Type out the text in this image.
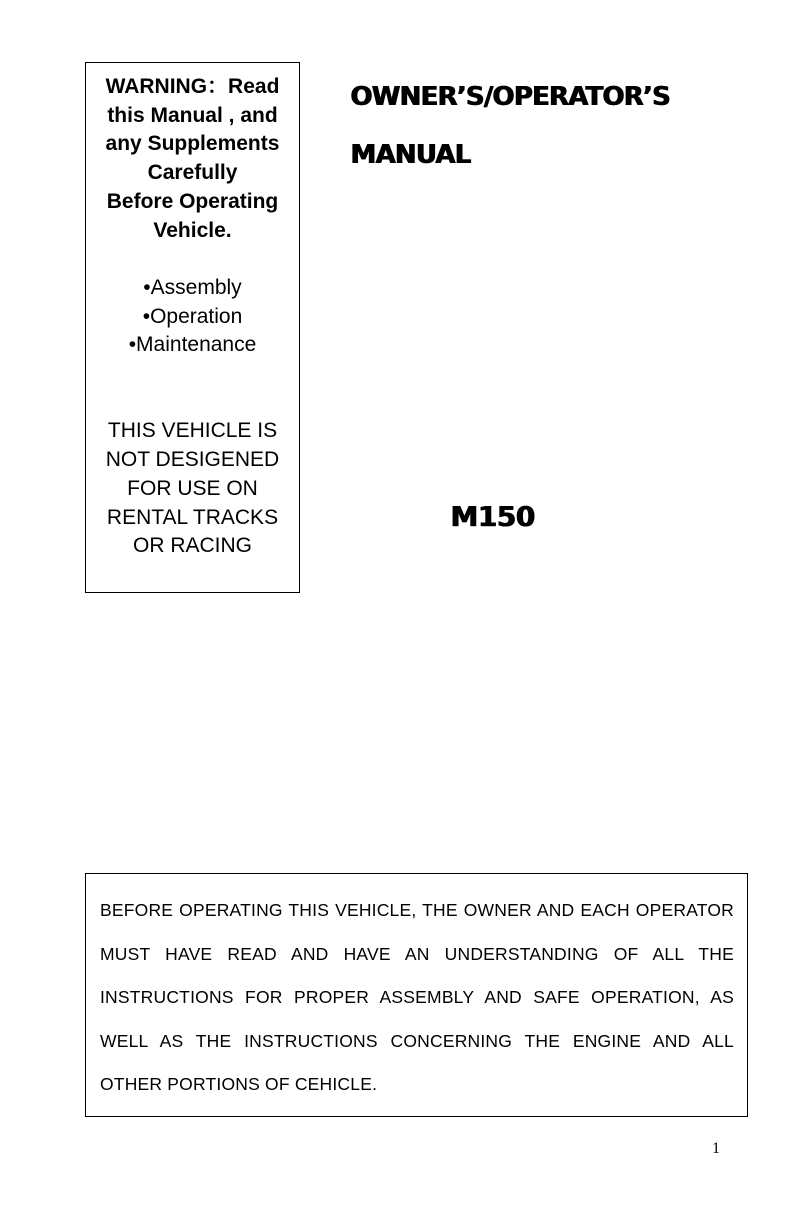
WARNING：Read
this Manual , and
any Supplements
Carefully
Before Operating
Vehicle.

• Assembly
• Operation
• Maintenance

THIS VEHICLE IS
NOT DESIGENED
FOR USE ON
RENTAL TRACKS
OR RACING

OWNER’S/OPERATOR’S
MANUAL
M150

BEFORE OPERATING THIS VEHICLE, THE OWNER AND EACH OPERATOR MUST HAVE READ AND HAVE AN UNDERSTANDING OF ALL THE INSTRUCTIONS FOR PROPER ASSEMBLY AND SAFE OPERATION, AS WELL AS THE INSTRUCTIONS CONCERNING THE ENGINE AND ALL OTHER PORTIONS OF CEHICLE.

1
